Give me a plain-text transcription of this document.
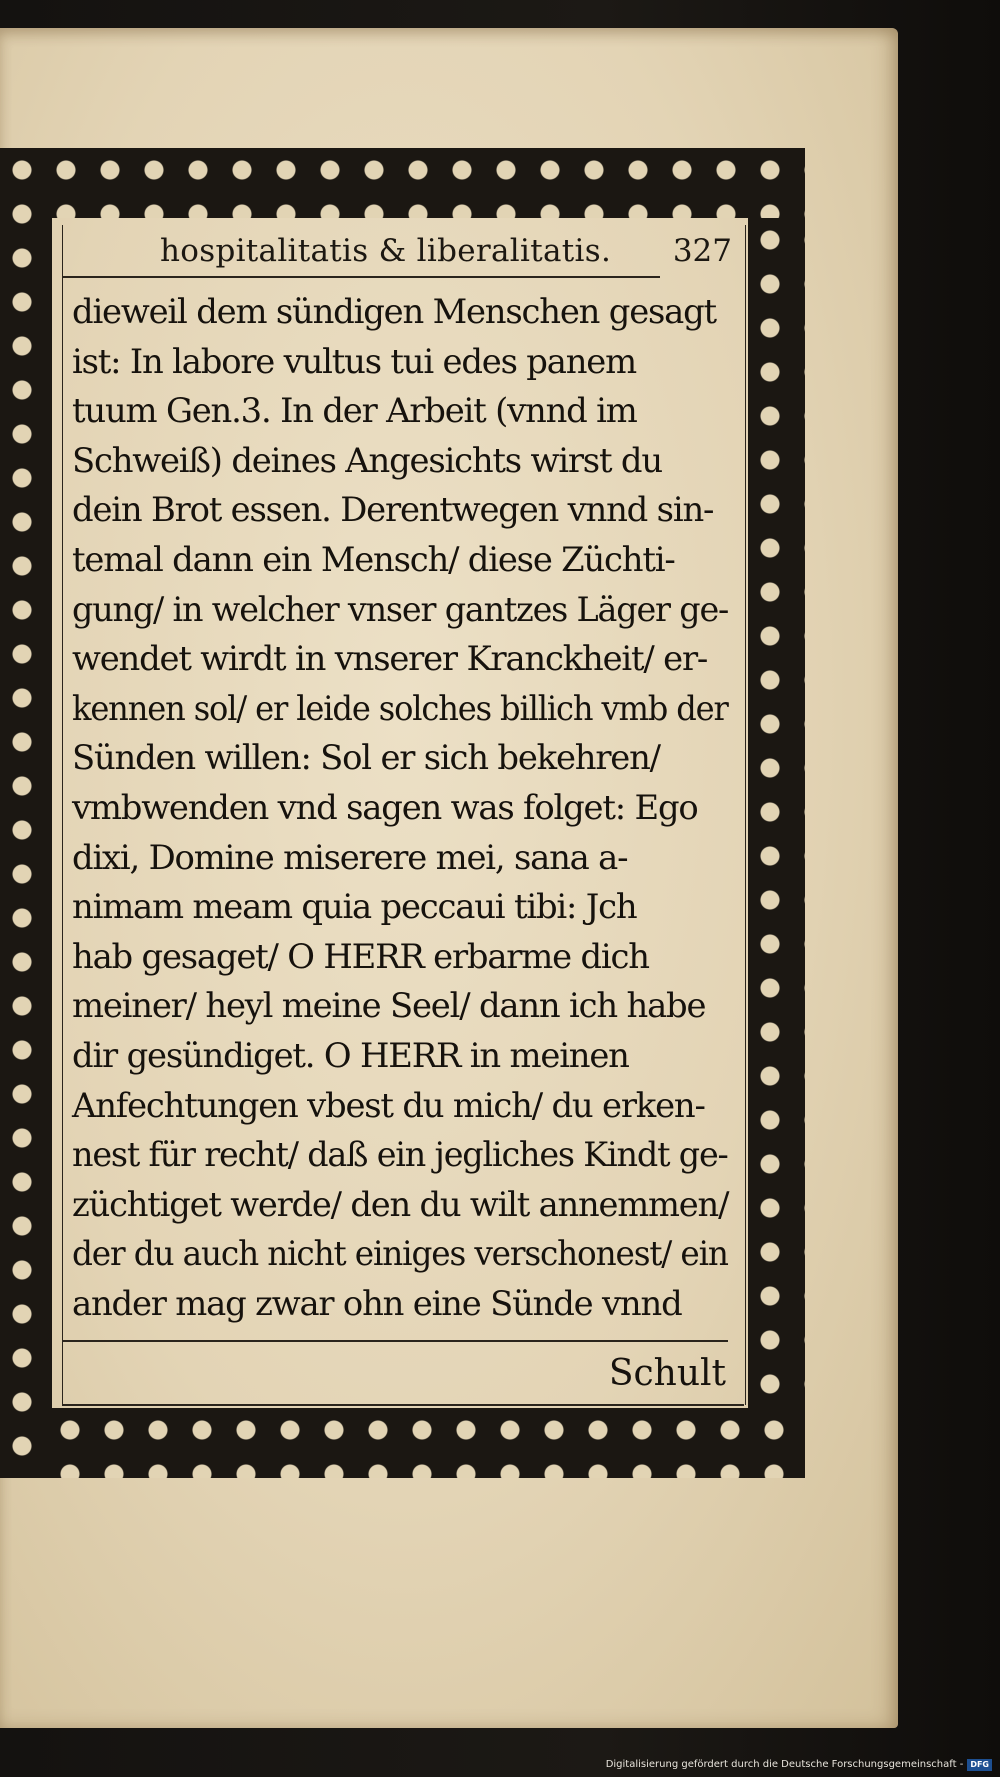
hospitalitatis & liberalitatis. 327
dieweil dem sündigen Menschen gesagt
ist: In labore vultus tui edes panem
tuum Gen.3. In der Arbeit (vnnd im
Schweiß) deines Angesichts wirst du
dein Brot essen. Derentwegen vnnd sin-
temal dann ein Mensch/ diese Züchti-
gung/ in welcher vnser gantzes Läger ge-
wendet wirdt in vnserer Kranckheit/ er-
kennen sol/ er leide solches billich vmb der
Sünden willen: Sol er sich bekehren/
vmbwenden vnd sagen was folget: Ego
dixi, Domine miserere mei, sana a-
nimam meam quia peccaui tibi: Jch
hab gesaget/ O HERR erbarme dich
meiner/ heyl meine Seel/ dann ich habe
dir gesündiget. O HERR in meinen
Anfechtungen vbest du mich/ du erken-
nest für recht/ daß ein jegliches Kindt ge-
züchtiget werde/ den du wilt annemmen/
der du auch nicht einiges verschonest/ ein
ander mag zwar ohn eine Sünde vnnd
Schult
Digitalisierung gefördert durch die Deutsche Forschungsgemeinschaft - DFG
